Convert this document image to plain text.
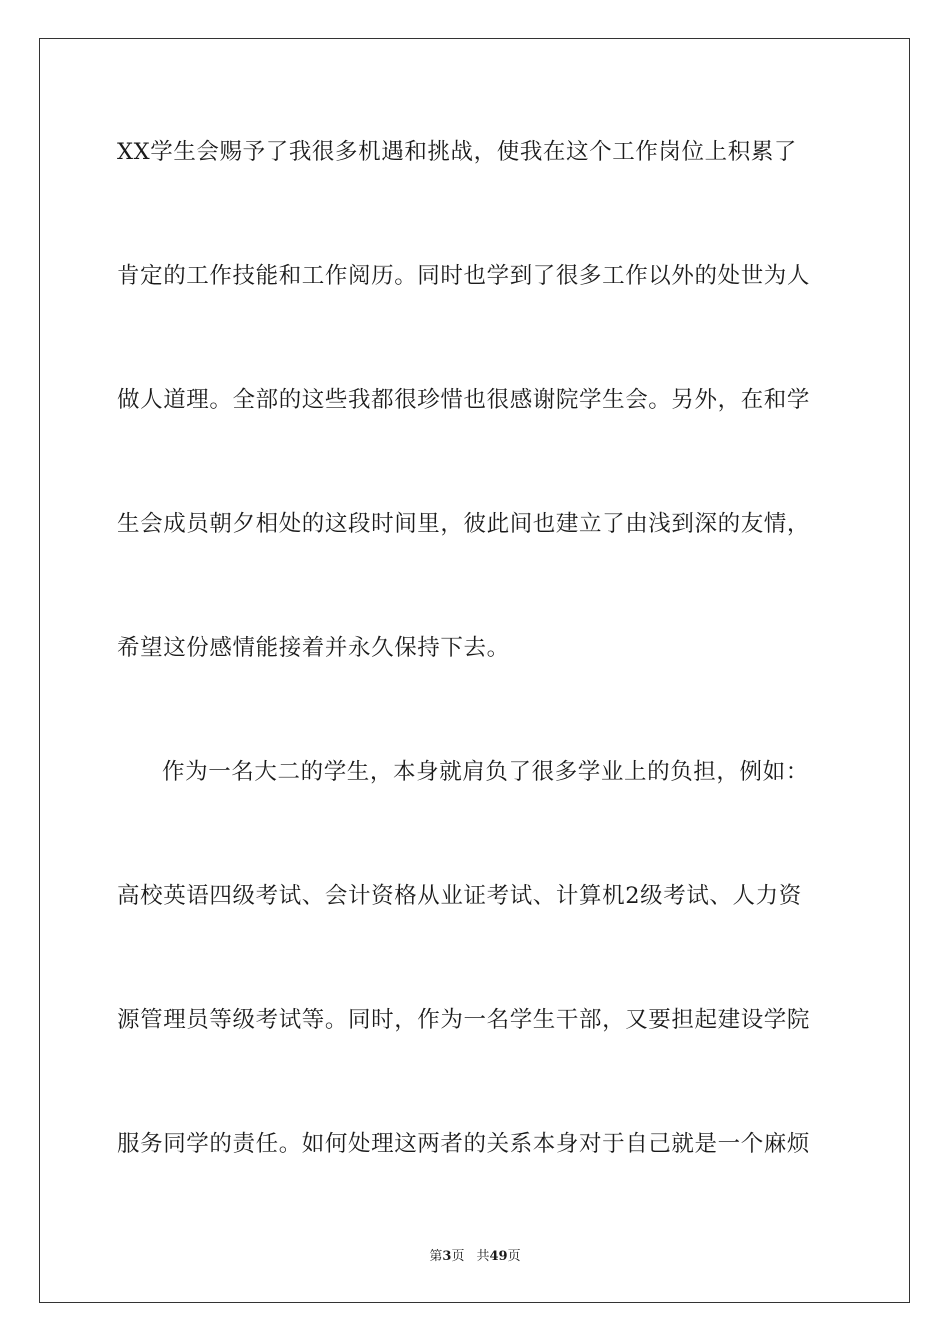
XX学生会赐予了我很多机遇和挑战，使我在这个工作岗位上积累了
肯定的工作技能和工作阅历。同时也学到了很多工作以外的处世为人
做人道理。全部的这些我都很珍惜也很感谢院学生会。另外，在和学
生会成员朝夕相处的这段时间里，彼此间也建立了由浅到深的友情，
希望这份感情能接着并永久保持下去。
作为一名大二的学生，本身就肩负了很多学业上的负担，例如：
高校英语四级考试、会计资格从业证考试、计算机2级考试、人力资
源管理员等级考试等。同时，作为一名学生干部，又要担起建设学院
服务同学的责任。如何处理这两者的关系本身对于自己就是一个麻烦
第3页 共49页
